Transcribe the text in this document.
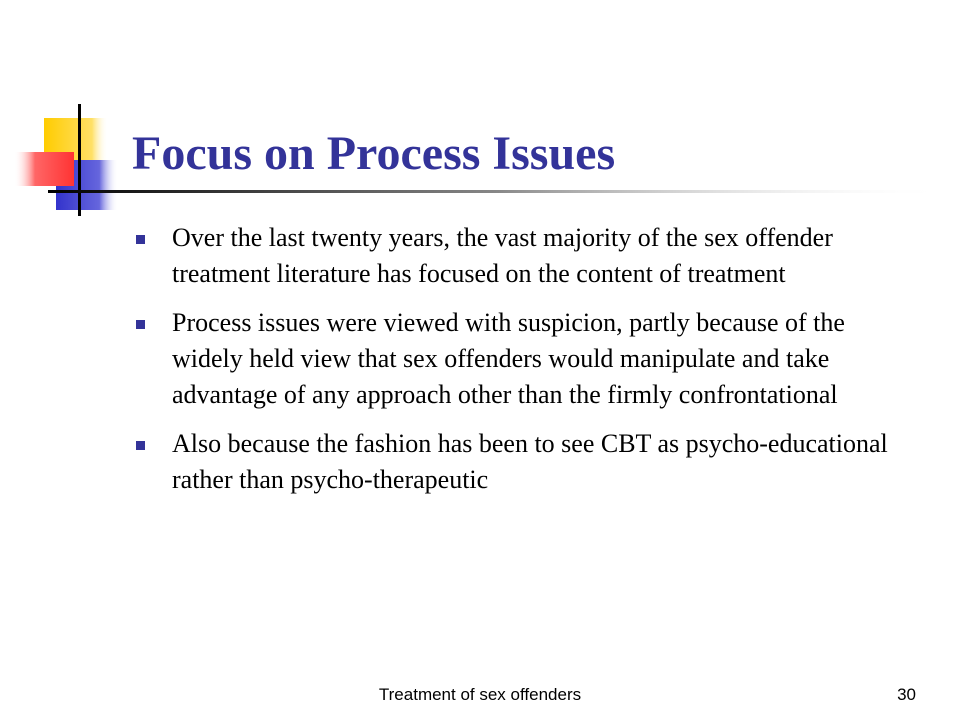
Focus on Process Issues
Over the last twenty years, the vast majority of the sex offender treatment literature has focused on the content of treatment
Process issues were viewed with suspicion, partly because of the widely held view that sex offenders would manipulate and take advantage of any approach other than the firmly confrontational
Also because the fashion has been to see CBT as psycho-educational rather than psycho-therapeutic
Treatment of sex offenders	30
